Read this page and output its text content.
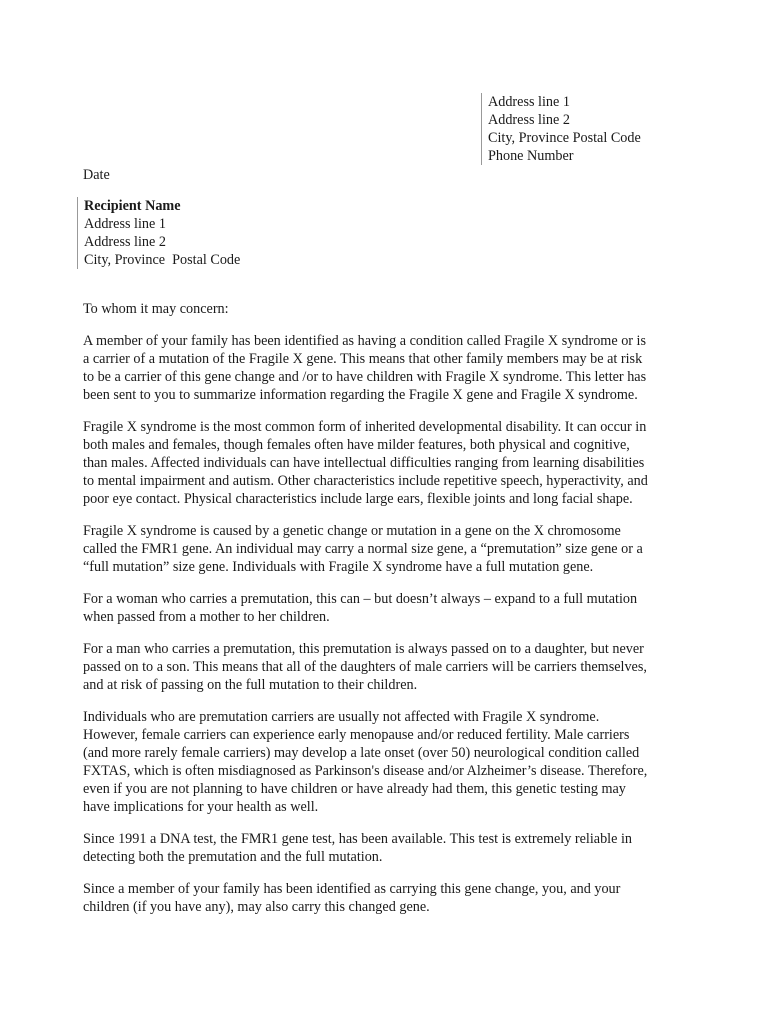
Address line 1
Address line 2
City, Province Postal Code
Phone Number
Date
Recipient Name
Address line 1
Address line 2
City, Province  Postal Code
To whom it may concern:

A member of your family has been identified as having a condition called Fragile X syndrome or is
a carrier of a mutation of the Fragile X gene. This means that other family members may be at risk
to be a carrier of this gene change and /or to have children with Fragile X syndrome. This letter has
been sent to you to summarize information regarding the Fragile X gene and Fragile X syndrome.

Fragile X syndrome is the most common form of inherited developmental disability. It can occur in
both males and females, though females often have milder features, both physical and cognitive,
than males. Affected individuals can have intellectual difficulties ranging from learning disabilities
to mental impairment and autism. Other characteristics include repetitive speech, hyperactivity, and
poor eye contact. Physical characteristics include large ears, flexible joints and long facial shape.

Fragile X syndrome is caused by a genetic change or mutation in a gene on the X chromosome
called the FMR1 gene. An individual may carry a normal size gene, a “premutation” size gene or a
“full mutation” size gene. Individuals with Fragile X syndrome have a full mutation gene.

For a woman who carries a premutation, this can – but doesn’t always – expand to a full mutation
when passed from a mother to her children.

For a man who carries a premutation, this premutation is always passed on to a daughter, but never
passed on to a son. This means that all of the daughters of male carriers will be carriers themselves,
and at risk of passing on the full mutation to their children.

Individuals who are premutation carriers are usually not affected with Fragile X syndrome.
However, female carriers can experience early menopause and/or reduced fertility. Male carriers
(and more rarely female carriers) may develop a late onset (over 50) neurological condition called
FXTAS, which is often misdiagnosed as Parkinson's disease and/or Alzheimer’s disease. Therefore,
even if you are not planning to have children or have already had them, this genetic testing may
have implications for your health as well.

Since 1991 a DNA test, the FMR1 gene test, has been available. This test is extremely reliable in
detecting both the premutation and the full mutation.

Since a member of your family has been identified as carrying this gene change, you, and your
children (if you have any), may also carry this changed gene.
